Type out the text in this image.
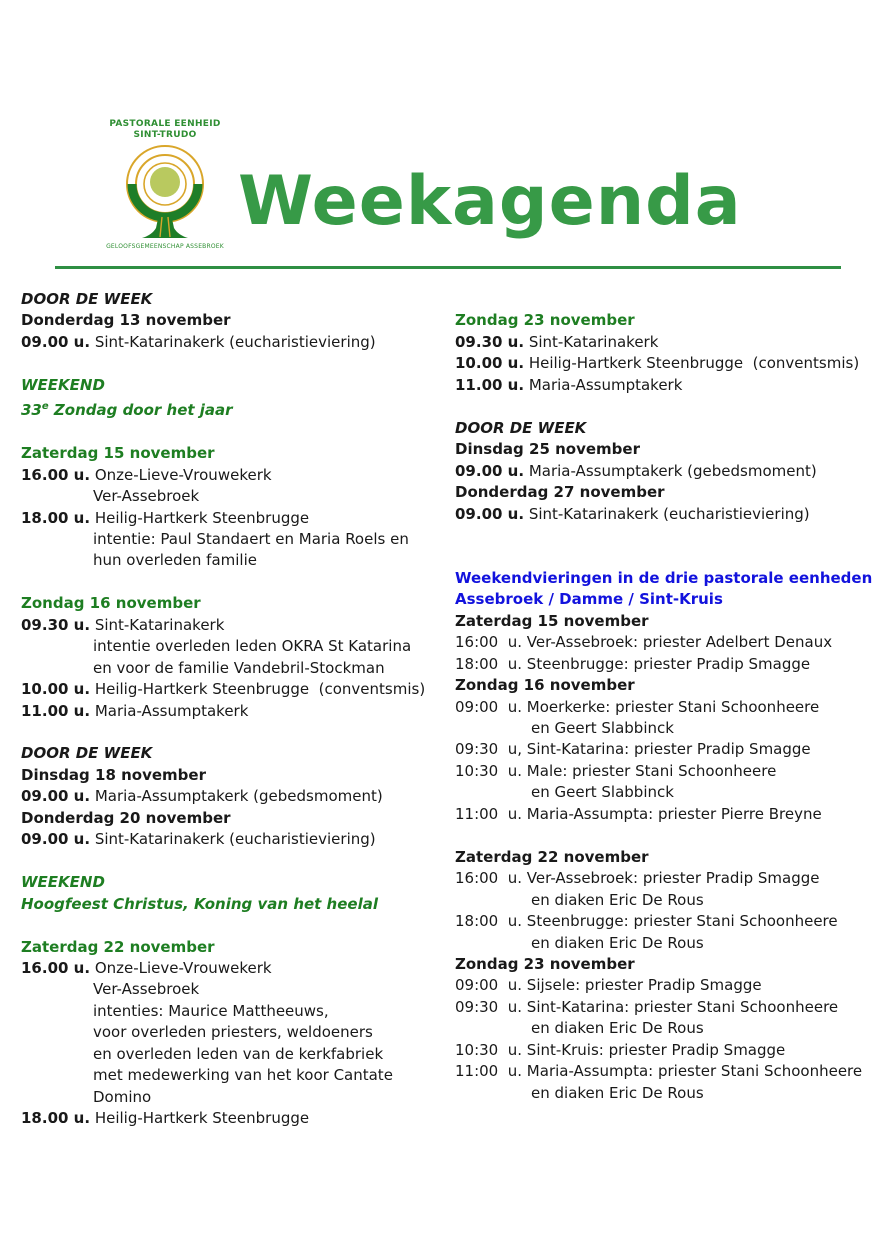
PASTORALE EENHEID
SINT-TRUDO
GELOOFSGEMEENSCHAP ASSEBROEK
Weekagenda
DOOR DE WEEK
Donderdag 13 november
09.00 u. Sint-Katarinakerk (eucharistieviering)
WEEKEND
33e Zondag door het jaar
Zaterdag 15 november
16.00 u. Onze-Lieve-Vrouwekerk
Ver-Assebroek
18.00 u. Heilig-Hartkerk Steenbrugge
intentie: Paul Standaert en Maria Roels en
hun overleden familie
Zondag 16 november
09.30 u. Sint-Katarinakerk
intentie overleden leden OKRA St Katarina
en voor de familie Vandebril-Stockman
10.00 u. Heilig-Hartkerk Steenbrugge  (conventsmis)
11.00 u. Maria-Assumptakerk
DOOR DE WEEK
Dinsdag 18 november
09.00 u. Maria-Assumptakerk (gebedsmoment)
Donderdag 20 november
09.00 u. Sint-Katarinakerk (eucharistieviering)
WEEKEND
Hoogfeest Christus, Koning van het heelal
Zaterdag 22 november
16.00 u. Onze-Lieve-Vrouwekerk
Ver-Assebroek
intenties: Maurice Mattheeuws,
voor overleden priesters, weldoeners
en overleden leden van de kerkfabriek
met medewerking van het koor Cantate
Domino
18.00 u. Heilig-Hartkerk Steenbrugge
Zondag 23 november
09.30 u. Sint-Katarinakerk
10.00 u. Heilig-Hartkerk Steenbrugge  (conventsmis)
11.00 u. Maria-Assumptakerk
DOOR DE WEEK
Dinsdag 25 november
09.00 u. Maria-Assumptakerk (gebedsmoment)
Donderdag 27 november
09.00 u. Sint-Katarinakerk (eucharistieviering)
Weekendvieringen in de drie pastorale eenheden
Assebroek / Damme / Sint-Kruis
Zaterdag 15 november
16:00  u. Ver-Assebroek: priester Adelbert Denaux
18:00  u. Steenbrugge: priester Pradip Smagge
Zondag 16 november
09:00  u. Moerkerke: priester Stani Schoonheere
en Geert Slabbinck
09:30  u, Sint-Katarina: priester Pradip Smagge
10:30  u. Male: priester Stani Schoonheere
en Geert Slabbinck
11:00  u. Maria-Assumpta: priester Pierre Breyne
Zaterdag 22 november
16:00  u. Ver-Assebroek: priester Pradip Smagge
en diaken Eric De Rous
18:00  u. Steenbrugge: priester Stani Schoonheere
en diaken Eric De Rous
Zondag 23 november
09:00  u. Sijsele: priester Pradip Smagge
09:30  u. Sint-Katarina: priester Stani Schoonheere
en diaken Eric De Rous
10:30  u. Sint-Kruis: priester Pradip Smagge
11:00  u. Maria-Assumpta: priester Stani Schoonheere
en diaken Eric De Rous
